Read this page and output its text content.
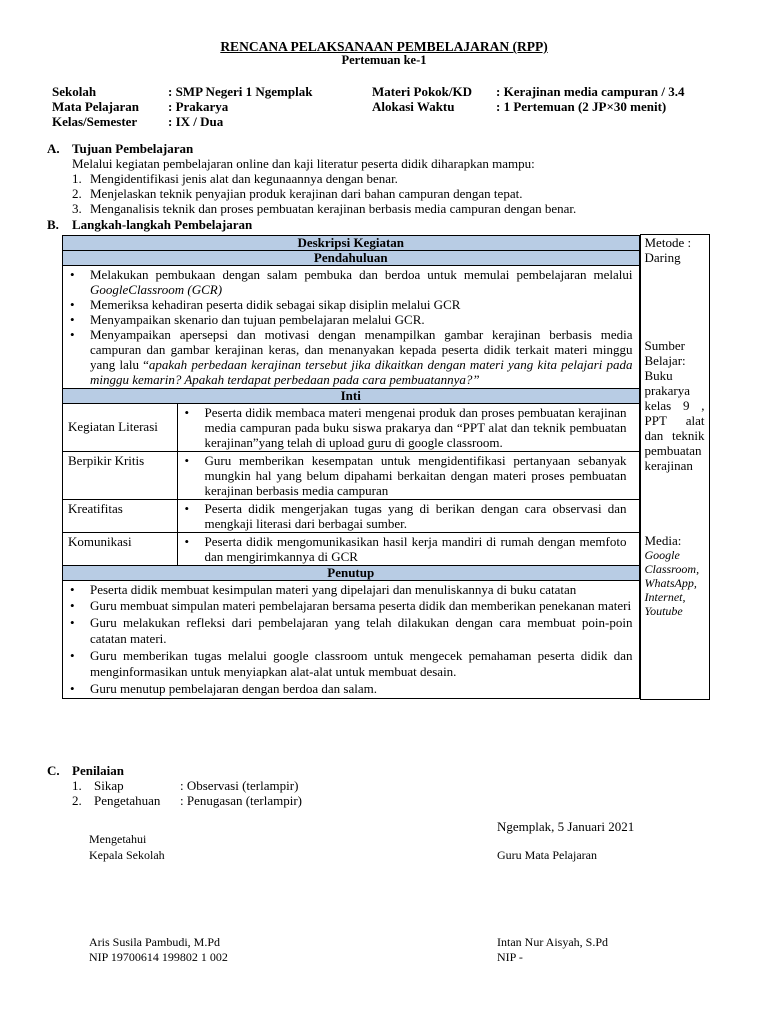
RENCANA PELAKSANAAN PEMBELAJARAN (RPP)
Pertemuan ke-1
Sekolah	: SMP Negeri 1 Ngemplak
Mata Pelajaran : Prakarya
Kelas/Semester : IX / Dua
Materi Pokok/KD : Kerajinan media campuran / 3.4
Alokasi Waktu	: 1 Pertemuan (2 JP×30 menit)
A. Tujuan Pembelajaran
Melalui kegiatan pembelajaran online dan kaji literatur peserta didik diharapkan mampu:
1. Mengidentifikasi jenis alat dan kegunaannya dengan benar.
2. Menjelaskan teknik penyajian produk kerajinan dari bahan campuran dengan tepat.
3. Menganalisis teknik dan proses pembuatan kerajinan berbasis media campuran dengan benar.
B. Langkah-langkah Pembelajaran
Deskripsi Kegiatan
Pendahuluan

• Melakukan pembukaan dengan salam pembuka dan berdoa untuk memulai pembelajaran melalui GoogleClassroom (GCR)
• Memeriksa kehadiran peserta didik sebagai sikap disiplin melalui GCR
• Menyampaikan skenario dan tujuan pembelajaran melalui GCR.
• Menyampaikan apersepsi dan motivasi dengan menampilkan gambar kerajinan berbasis media campuran dan gambar kerajinan keras, dan menanyakan kepada peserta didik terkait materi minggu yang lalu “apakah perbedaan kerajinan tersebut jika dikaitkan dengan materi yang kita pelajari pada minggu kemarin? Apakah terdapat perbedaan pada cara pembuatannya?”

Inti

Kegiatan Literasi	
• Peserta didik membaca materi mengenai produk dan proses pembuatan kerajinan media campuran pada buku siswa prakarya dan “PPT alat dan teknik pembuatan kerajinan”yang telah di upload guru di google classroom.

Berpikir Kritis	• Guru memberikan kesempatan untuk mengidentifikasi pertanyaan sebanyak mungkin hal yang belum dipahami berkaitan dengan materi proses pembuatan kerajinan berbasis media campuran

Kreatifitas	• Peserta didik mengerjakan tugas yang di berikan dengan cara observasi dan mengkaji literasi dari berbagai sumber.

Komunikasi	• Peserta didik mengomunikasikan hasil kerja mandiri di rumah dengan memfoto dan mengirimkannya di GCR

Penutup

• Peserta didik membuat kesimpulan materi yang dipelajari dan menuliskannya di buku catatan
• Guru membuat simpulan materi pembelajaran bersama peserta didik dan memberikan penekanan materi
• Guru melakukan refleksi dari pembelajaran yang telah dilakukan dengan cara membuat poin-poin catatan materi.
• Guru memberikan tugas melalui google classroom untuk mengecek pemahaman peserta didik dan menginformasikan untuk menyiapkan alat-alat untuk membuat desain.
• Guru menutup pembelajaran dengan berdoa dan salam.

Metode : Daring
Sumber Belajar: Buku prakarya kelas 9 , PPT alat dan teknik pembuatan kerajinan
Media:
Google Classroom, WhatsApp, Internet, Youtube
C. Penilaian
1. Sikap	: Observasi (terlampir)
2. Pengetahuan : Penugasan (terlampir)
Ngemplak, 5 Januari 2021
Mengetahui
Kepala Sekolah	Guru Mata Pelajaran
Aris Susila Pambudi, M.Pd
NIP 19700614 199802 1 002
Intan Nur Aisyah, S.Pd
NIP -
